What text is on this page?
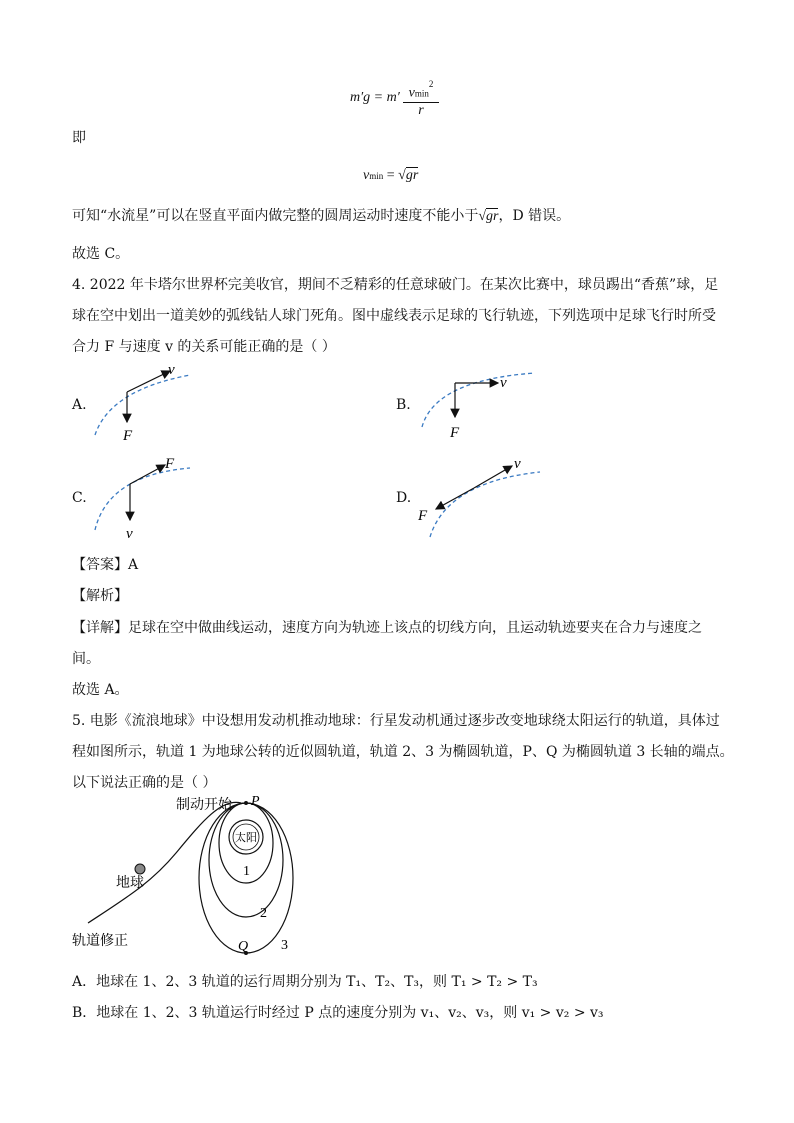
m′g = m′ vmin$^2$
r
即
vmin = √gr
可知“水流星”可以在竖直平面内做完整的圆周运动时速度不能小于√gr，D 错误。
故选 C。
4. 2022 年卡塔尔世界杯完美收官，期间不乏精彩的任意球破门。在某次比赛中，球员踢出“香蕉”球，足
球在空中划出一道美妙的弧线钻人球门死角。图中虚线表示足球的飞行轨迹，下列选项中足球飞行时所受
合力 F 与速度 v 的关系可能正确的是（ ）
A.
v
F
B.
v
F
C.
F
v
D.
v
F
【答案】A
【解析】
【详解】足球在空中做曲线运动，速度方向为轨迹上该点的切线方向，且运动轨迹要夹在合力与速度之
间。
故选 A。
5. 电影《流浪地球》中设想用发动机推动地球：行星发动机通过逐步改变地球绕太阳运行的轨道，具体过
程如图所示，轨道 1 为地球公转的近似圆轨道，轨道 2、3 为椭圆轨道，P、Q 为椭圆轨道 3 长轴的端点。
以下说法正确的是（ ）
太阳
制动开始 P
1
2
3
Q
地球
轨道修正
A．地球在 1、2、3 轨道的运行周期分别为 T₁、T₂、T₃，则 T₁ > T₂ > T₃
B．地球在 1、2、3 轨道运行时经过 P 点的速度分别为 v₁、v₂、v₃，则 v₁ > v₂ > v₃
